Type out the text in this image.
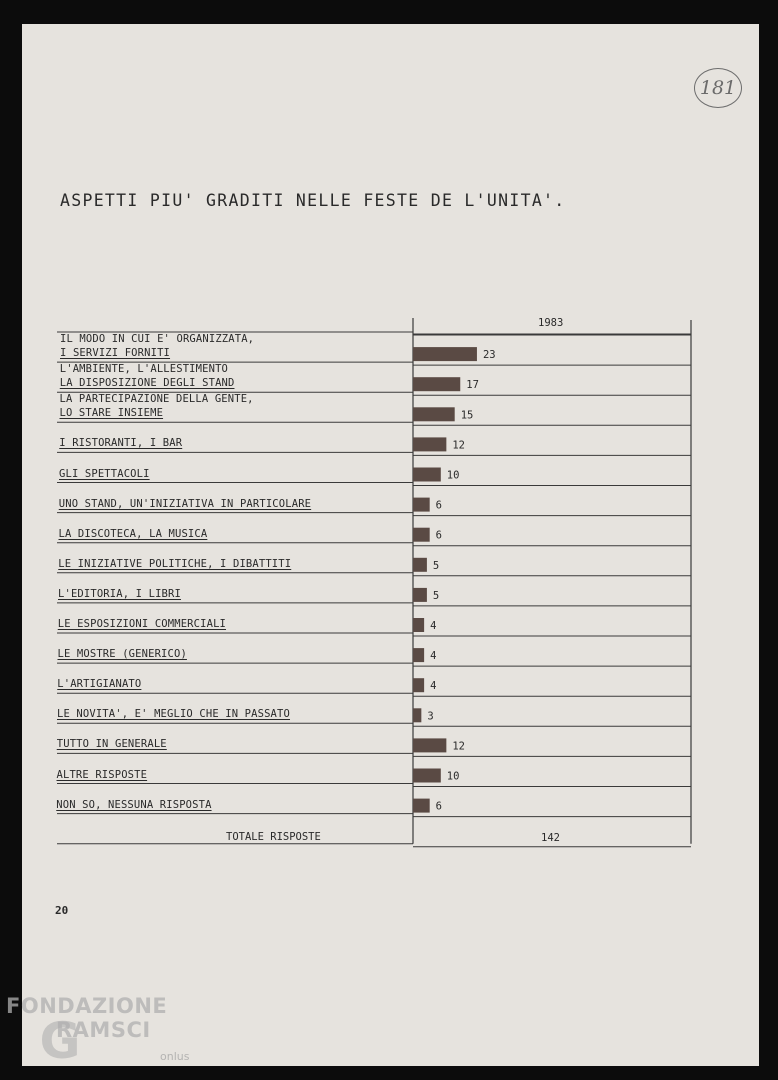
181
ASPETTI PIU' GRADITI NELLE FESTE DE L'UNITA'.
1983
23
17
15
12
10
6
6
5
5
4
4
4
3
12
10
6
IL MODO IN CUI E' ORGANIZZATA,
I SERVIZI FORNITI
L'AMBIENTE, L'ALLESTIMENTO
LA DISPOSIZIONE DEGLI STAND
LA PARTECIPAZIONE DELLA GENTE,
LO STARE INSIEME
I RISTORANTI, I BAR
GLI SPETTACOLI
UNO STAND, UN'INIZIATIVA IN PARTICOLARE
LA DISCOTECA, LA MUSICA
LE INIZIATIVE POLITICHE, I DIBATTITI
L'EDITORIA, I LIBRI
LE ESPOSIZIONI COMMERCIALI
LE MOSTRE (GENERICO)
L'ARTIGIANATO
LE NOVITA', E' MEGLIO CHE IN PASSATO
TUTTO IN GENERALE
ALTRE RISPOSTE
NON SO, NESSUNA RISPOSTA
TOTALE RISPOSTE	142
20
FONDAZIONE
G
RAMSCI
onlus
